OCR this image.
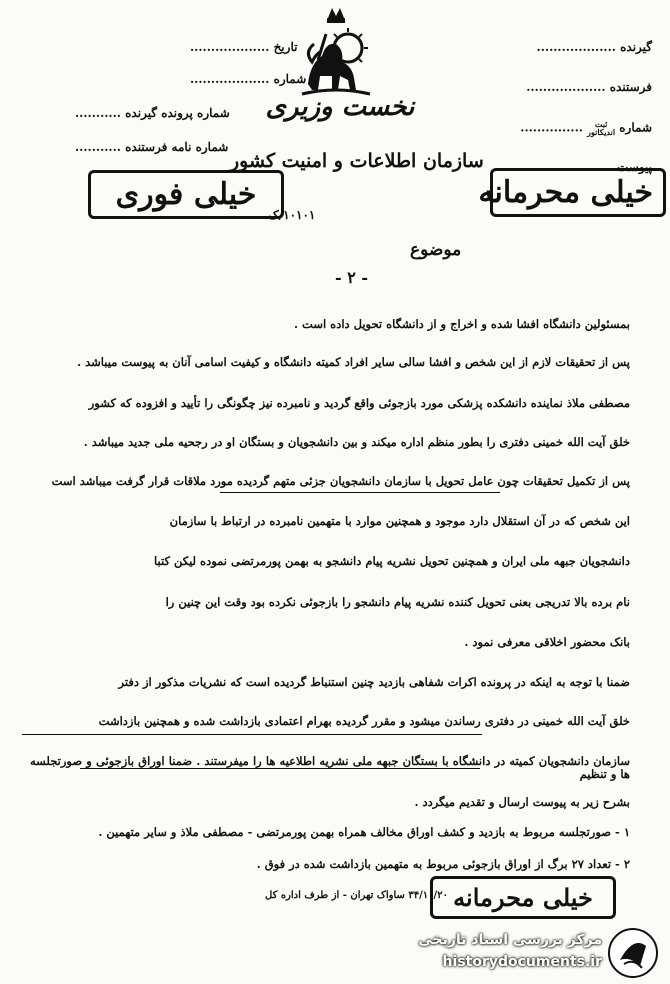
تاریخ ...................
شماره ...................
شماره پرونده گیرنده ...........
شماره نامه فرستنده ...........
گیرنده ...................
فرستنده ...................
شماره ثبت
اندیکاتور ...............
پیوست ...................
نخست وزیری
سازمان اطلاعات و امنیت کشور
خیلی فوری	خیلی محرمانه
۱۰۱۰۱/ک
موضوع
- ۲ -
بمسئولین دانشگاه افشا شده و اخراج و از دانشگاه تحویل داده است .
پس از تحقیقات لازم از این شخص و افشا سالی سایر افراد کمیته دانشگاه و کیفیت اسامی آنان به پیوست میباشد .
مصطفی ملاذ نماینده دانشکده پزشکی مورد بازجوئی واقع گردید و نامبرده نیز چگونگی را تأیید و افزوده که کشور
خلق آیت الله خمینی دفتری را بطور منظم اداره میکند و بین دانشجویان و بستگان او در رجحیه ملی جدید میباشد .
پس از تکمیل تحقیقات چون عامل تحویل با سازمان دانشجویان جزئی متهم گردیده مورد ملاقات قرار گرفت میباشد است
این شخص که در آن استقلال دارد موجود و همچنین موارد با متهمین نامبرده در ارتباط با سازمان
دانشجویان جبهه ملی ایران و همچنین تحویل نشریه پیام دانشجو به بهمن پورمرتضی نموده لیکن کتبا
نام برده بالا تدریجی بعنی تحویل کننده نشریه پیام دانشجو را بازجوئی نکرده بود وقت این چنین را
بانک محضور اخلاقی معرفی نمود .
ضمنا با توجه به اینکه در پرونده اکرات شفاهی بازدید چنین استنباط گردیده است که نشریات مذکور از دفتر
خلق آیت الله خمینی در دفتری رساندن میشود و مقرر گردیده بهرام اعتمادی بازداشت شده و همچنین بازداشت
سازمان دانشجویان کمیته در دانشگاه با بستگان جبهه ملی نشریه اطلاعیه ها را میفرستند . ضمنا اوراق بازجوئی و صورتجلسه ها و تنظیم
بشرح زیر به پیوست ارسال و تقدیم میگردد .
۱ - صورتجلسه مربوط به بازدید و کشف اوراق مخالف همراه بهمن پورمرتضی - مصطفی ملاذ و سایر متهمین .
۲ - تعداد ۲۷ برگ از اوراق بازجوئی مربوط به متهمین بازداشت شده در فوق .
خیلی محرمانه
۳۴/۱۰/۲۰ ساواک تهران - از طرف اداره کل
مرکز بررسی اسناد تاریخی
historydocuments.ir
